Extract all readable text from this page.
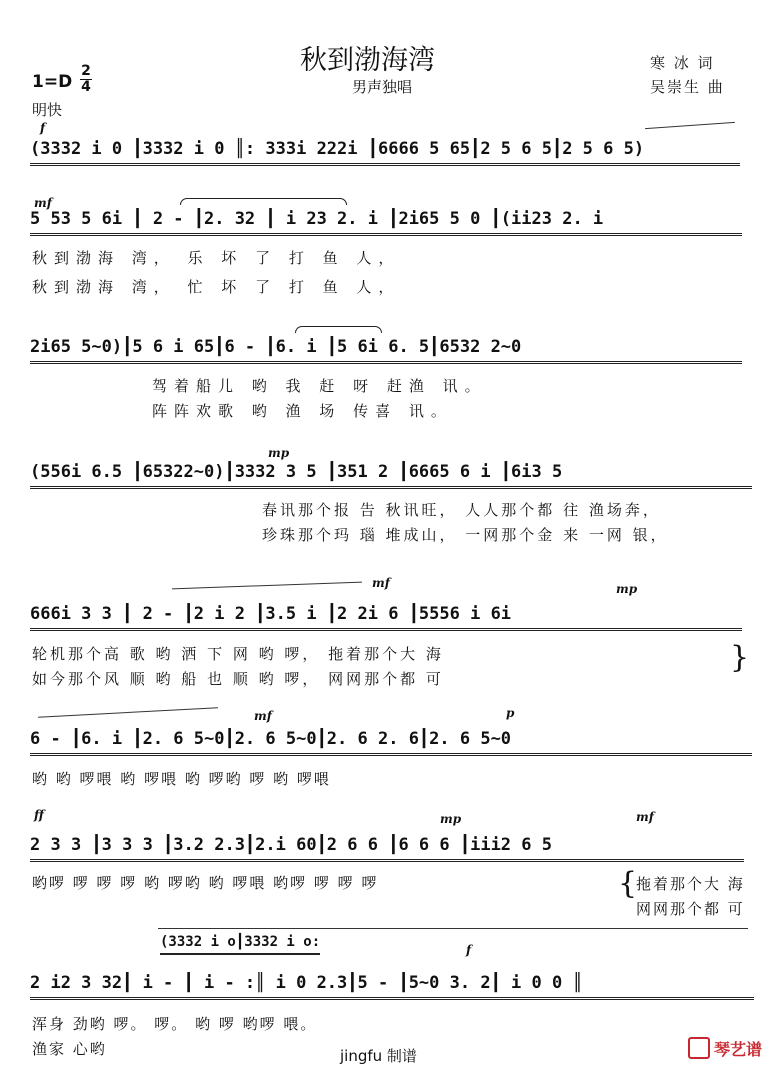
秋到渤海湾
男声独唱
寒 冰 词
吴崇生 曲
1=D
2
4
明快
f
(3332 i 0 ┃3332 i 0 ║: 333i 222i ┃6666 5 65┃2 5 6 5┃2 5 6 5)
mf
5 53 5 6i ┃ 2 - ┃2. 32 ┃ i 23 2. i ┃2i65 5 0 ┃(ii23 2. i
秋到渤海 湾， 乐 坏 了 打 鱼 人，
秋到渤海 湾， 忙 坏 了 打 鱼 人，
2i65 5~0)┃5 6 i 65┃6 - ┃6. i ┃5 6i 6. 5┃6532 2~0
驾着船儿 哟 我 赶 呀 赶渔 讯。
阵阵欢歌 哟 渔 场 传喜 讯。
mp
(556i 6.5 ┃65322~0)┃3332 3 5 ┃351 2 ┃6665 6 i ┃6i3 5
春讯那个报 告 秋讯旺， 人人那个都 往 渔场奔，
珍珠那个玛 瑙 堆成山， 一网那个金 来 一网 银，
mf	mp
666i 3 3 ┃ 2 - ┃2 i 2 ┃3.5 i ┃2 2i 6 ┃5556 i 6i
轮机那个高 歌 哟 洒 下 网 哟 啰， 拖着那个大 海
如今那个风 顺 哟 船 也 顺 哟 啰， 网网那个都 可
}
mf	p
6 - ┃6. i ┃2. 6 5~0┃2. 6 5~0┃2. 6 2. 6┃2. 6 5~0
哟 哟 啰喂 哟 啰喂 哟 啰哟 啰 哟 啰喂
ff	mp	mf
2 3 3 ┃3 3 3 ┃3.2 2.3┃2.i 60┃2 6 6 ┃6 6 6 ┃iii2 6 5
哟啰 啰 啰 啰 哟 啰哟 哟 啰喂 哟啰 啰 啰 啰	{
拖着那个大 海
网网那个都 可
(3332 i o┃3332 i o:	f
2 i2 3 32┃ i - ┃ i - :║ i 0 2.3┃5 - ┃5~0 3. 2┃ i 0 0 ║
浑身 劲哟 啰。 啰。 哟 啰 哟啰 喂。
渔家 心哟	jingfu 制谱	琴艺谱
